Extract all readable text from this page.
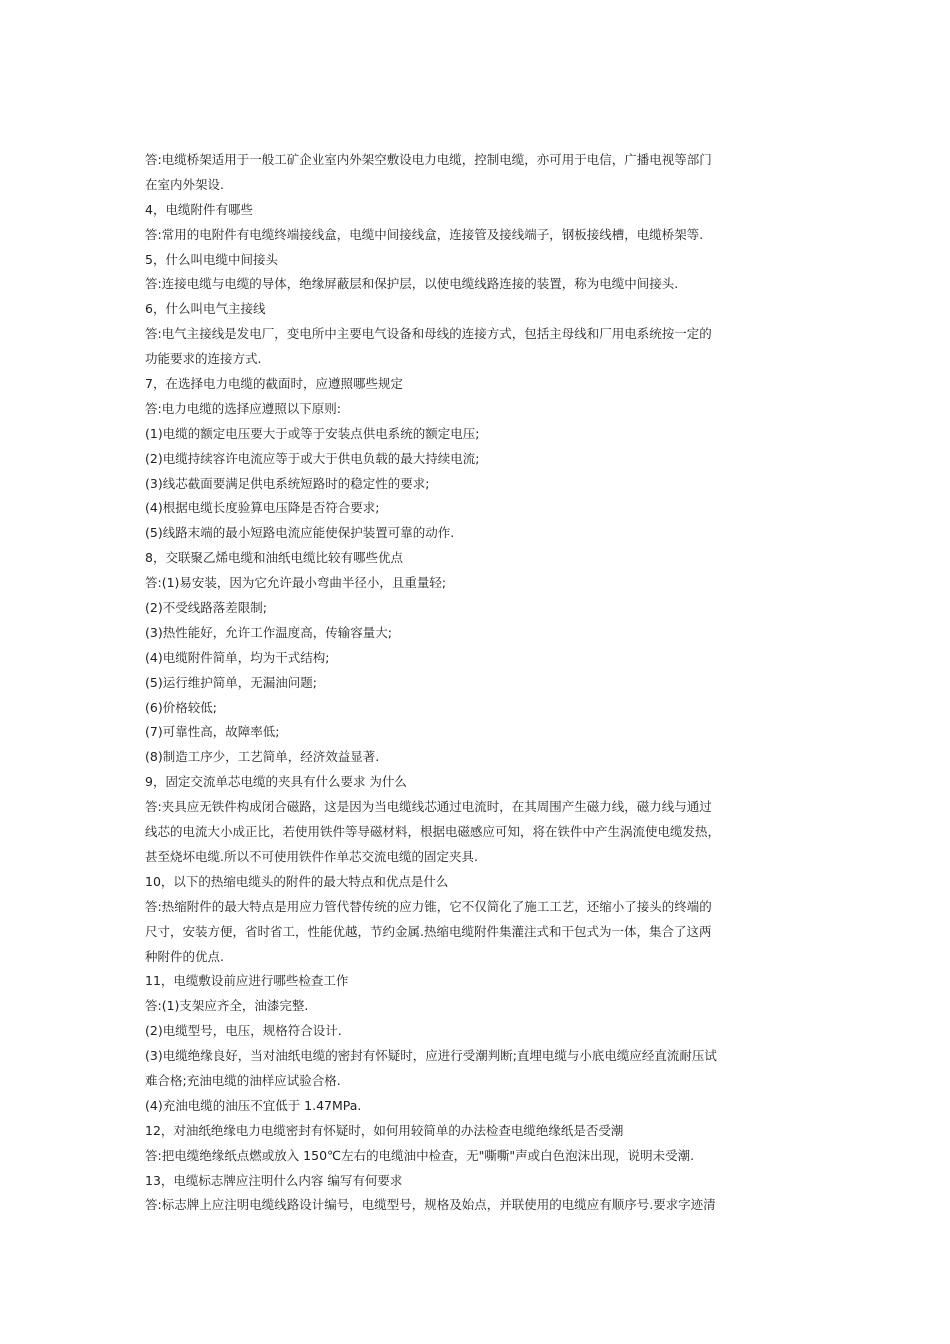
答:电缆桥架适用于一般工矿企业室内外架空敷设电力电缆，控制电缆，亦可用于电信，广播电视等部门
在室内外架设.
4，电缆附件有哪些
答:常用的电附件有电缆终端接线盒，电缆中间接线盒，连接管及接线端子，钢板接线槽，电缆桥架等.
5，什么叫电缆中间接头
答:连接电缆与电缆的导体，绝缘屏蔽层和保护层，以使电缆线路连接的装置，称为电缆中间接头.
6，什么叫电气主接线
答:电气主接线是发电厂，变电所中主要电气设备和母线的连接方式，包括主母线和厂用电系统按一定的
功能要求的连接方式.
7，在选择电力电缆的截面时，应遵照哪些规定
答:电力电缆的选择应遵照以下原则:
(1)电缆的额定电压要大于或等于安装点供电系统的额定电压;
(2)电缆持续容许电流应等于或大于供电负载的最大持续电流;
(3)线芯截面要满足供电系统短路时的稳定性的要求;
(4)根据电缆长度验算电压降是否符合要求;
(5)线路末端的最小短路电流应能使保护装置可靠的动作.
8，交联聚乙烯电缆和油纸电缆比较有哪些优点
答:(1)易安装，因为它允许最小弯曲半径小，且重量轻;
(2)不受线路落差限制;
(3)热性能好，允许工作温度高，传输容量大;
(4)电缆附件简单，均为干式结构;
(5)运行维护简单，无漏油问题;
(6)价格较低;
(7)可靠性高，故障率低;
(8)制造工序少，工艺简单，经济效益显著.
9，固定交流单芯电缆的夹具有什么要求 为什么
答:夹具应无铁件构成闭合磁路，这是因为当电缆线芯通过电流时，在其周围产生磁力线，磁力线与通过
线芯的电流大小成正比，若使用铁件等导磁材料，根据电磁感应可知，将在铁件中产生涡流使电缆发热，
甚至烧坏电缆.所以不可使用铁件作单芯交流电缆的固定夹具.
10，以下的热缩电缆头的附件的最大特点和优点是什么
答:热缩附件的最大特点是用应力管代替传统的应力锥，它不仅简化了施工工艺，还缩小了接头的终端的
尺寸，安装方便，省时省工，性能优越，节约金属.热缩电缆附件集灌注式和干包式为一体，集合了这两
种附件的优点.
11，电缆敷设前应进行哪些检查工作
答:(1)支架应齐全，油漆完整.
(2)电缆型号，电压，规格符合设计.
(3)电缆绝缘良好，当对油纸电缆的密封有怀疑时，应进行受潮判断;直埋电缆与小底电缆应经直流耐压试
难合格;充油电缆的油样应试验合格.
(4)充油电缆的油压不宜低于 1.47MPa.
12，对油纸绝缘电力电缆密封有怀疑时，如何用较简单的办法检查电缆绝缘纸是否受潮
答:把电缆绝缘纸点燃或放入 150℃左右的电缆油中检查，无"嘶嘶"声或白色泡沫出现，说明未受潮.
13，电缆标志牌应注明什么内容 编写有何要求
答:标志牌上应注明电缆线路设计编号，电缆型号，规格及始点，并联使用的电缆应有顺序号.要求字迹清
